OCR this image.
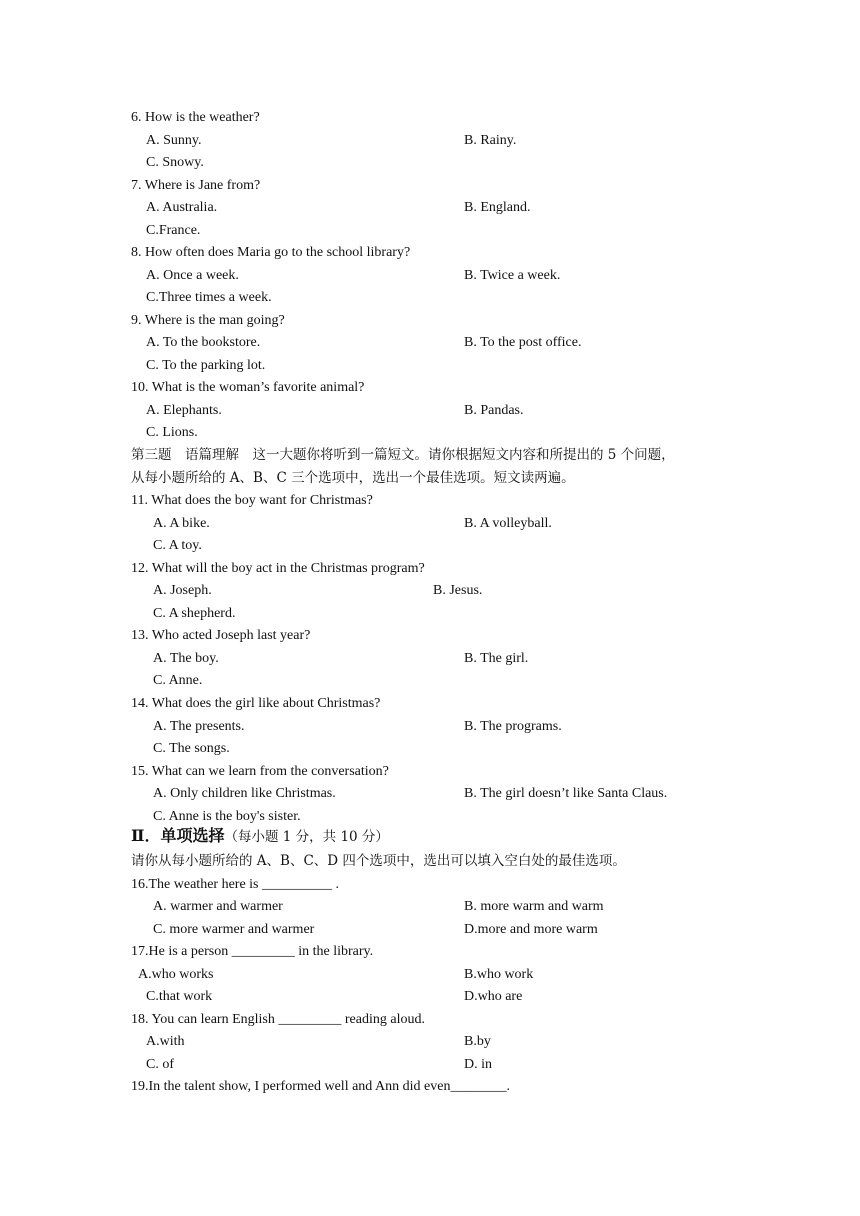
6. How is the weather?
A. Sunny.	B. Rainy.
C. Snowy.
7. Where is Jane from?
A. Australia.	B. England.
C.France.
8. How often does Maria go to the school library?
A. Once a week.	B. Twice a week.
C.Three times a week.
9. Where is the man going?
A. To the bookstore.	B. To the post office.
C. To the parking lot.
10. What is the woman’s favorite animal?
A. Elephants.	B. Pandas.
C. Lions.
第三题　语篇理解　这一大题你将听到一篇短文。请你根据短文内容和所提出的 5 个问题，
从每小题所给的 A、B、C 三个选项中，选出一个最佳选项。短文读两遍。
11. What does the boy want for Christmas?
A. A bike.	B. A volleyball.
C. A toy.
12. What will the boy act in the Christmas program?
A. Joseph.	B. Jesus.
C. A shepherd.
13. Who acted Joseph last year?
A. The boy.	B. The girl.
C. Anne.
14. What does the girl like about Christmas?
A. The presents.	B. The programs.
C. The songs.
15. What can we learn from the conversation?
A. Only children like Christmas.	B. The girl doesn’t like Santa Claus.
C. Anne is the boy's sister.
Ⅱ．单项选择（每小题 1 分，共 10 分）
请你从每小题所给的 A、B、C、D 四个选项中，选出可以填入空白处的最佳选项。
16.The weather here is __________ .
A. warmer and warmer	B. more warm and warm
C. more warmer and warmer	D.more and more warm
17.He is a person _________ in the library.
A.who works	B.who work
C.that work	D.who are
18. You can learn English _________ reading aloud.
A.with	B.by
C. of	D. in
19.In the talent show, I performed well and Ann did even________.
